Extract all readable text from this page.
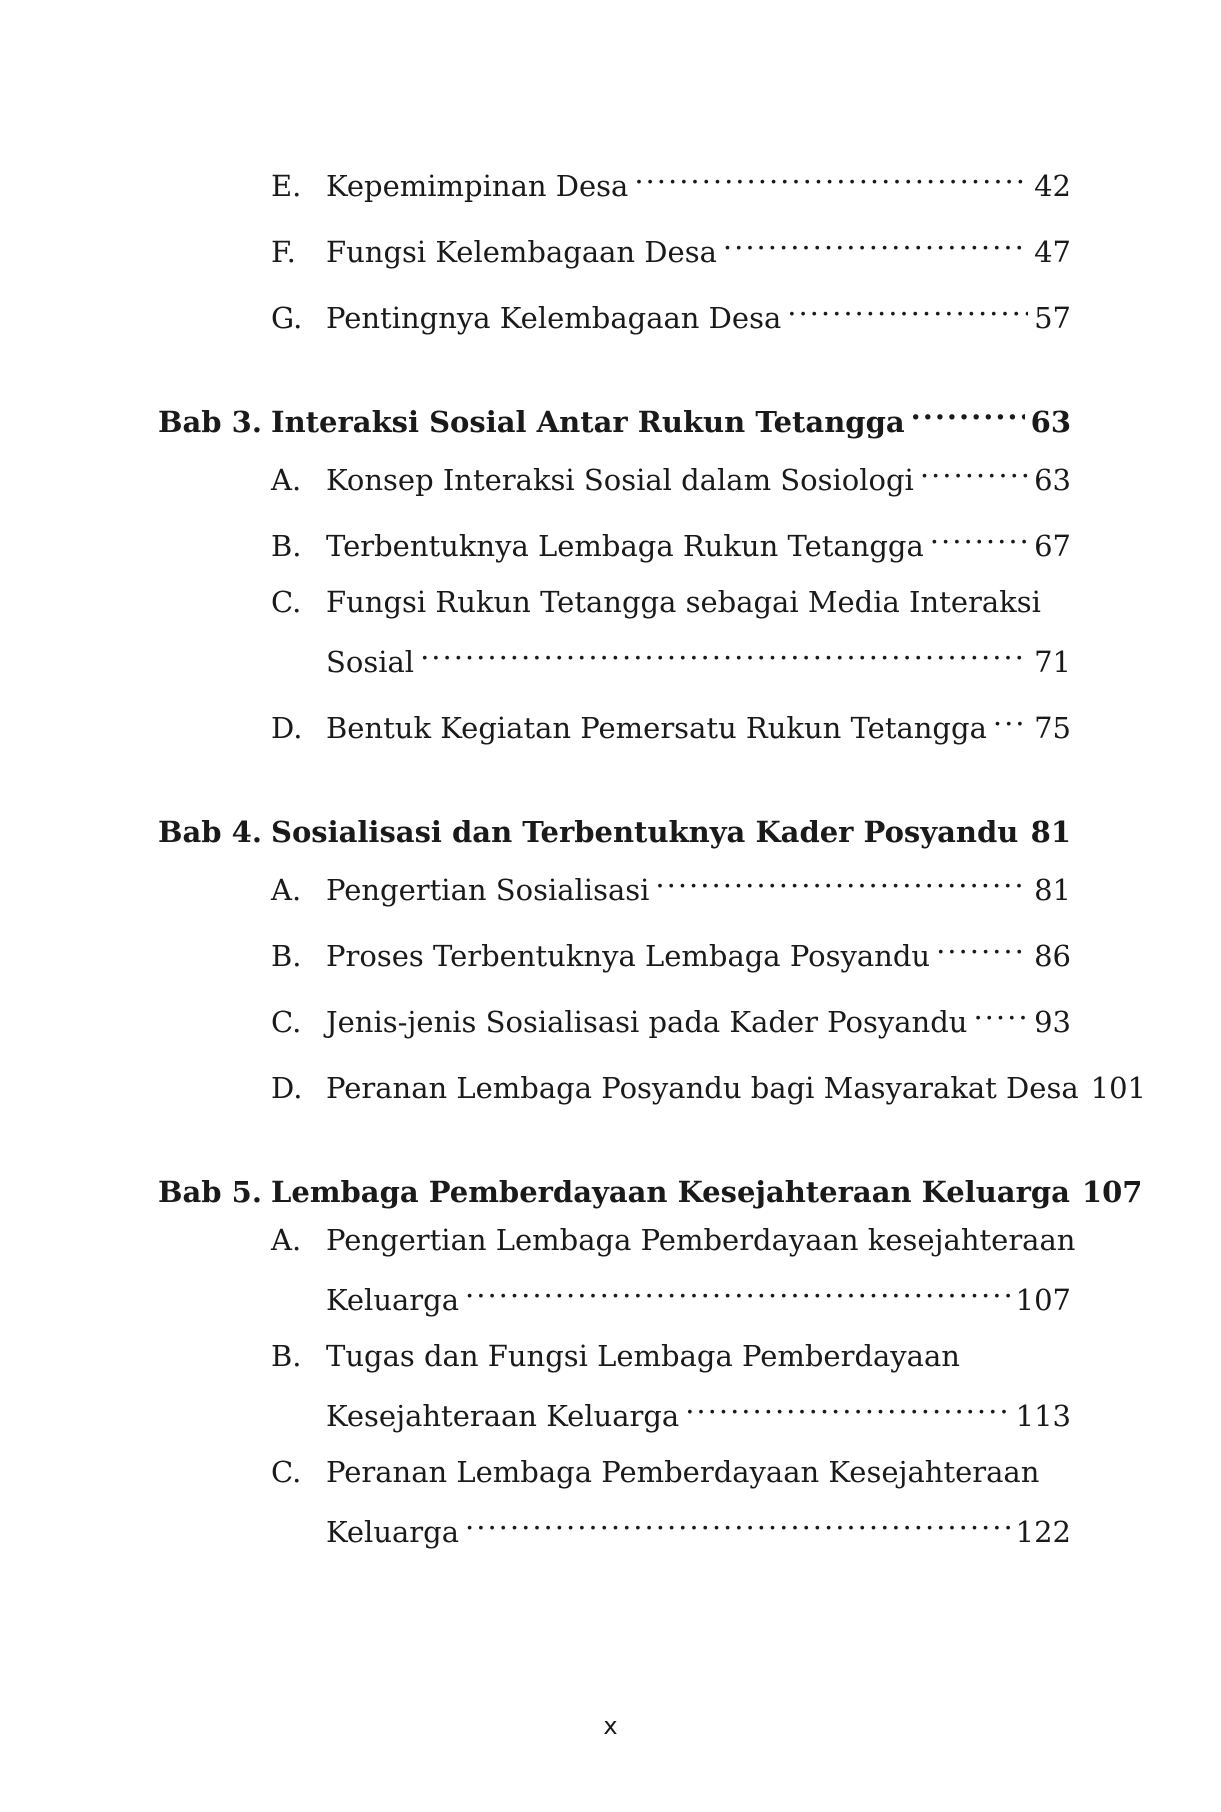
E. Kepemimpinan Desa .....	42
F.	Fungsi Kelembagaan Desa .....	47
G. Pentingnya Kelembagaan Desa .....	57
Bab 3. Interaksi Sosial Antar Rukun Tetangga .....	63
A. Konsep Interaksi Sosial dalam Sosiologi .....	63
B. Terbentuknya Lembaga Rukun Tetangga .....	67
C. Fungsi Rukun Tetangga sebagai Media Interaksi
Sosial .....	71
D. Bentuk Kegiatan Pemersatu Rukun Tetangga ..... 75
Bab 4. Sosialisasi dan Terbentuknya Kader Posyandu ..... 81
A. Pengertian Sosialisasi .....	81
B. Proses Terbentuknya Lembaga Posyandu .....	86
C. Jenis-jenis Sosialisasi pada Kader Posyandu ..... 93
D. Peranan Lembaga Posyandu bagi Masyarakat Desa 101
Bab 5. Lembaga Pemberdayaan Kesejahteraan Keluarga 107
A. Pengertian Lembaga Pemberdayaan kesejahteraan
Keluarga .....	107
B. Tugas dan Fungsi Lembaga Pemberdayaan
Kesejahteraan Keluarga .....	113
C. Peranan Lembaga Pemberdayaan Kesejahteraan
Keluarga .....	122
x
